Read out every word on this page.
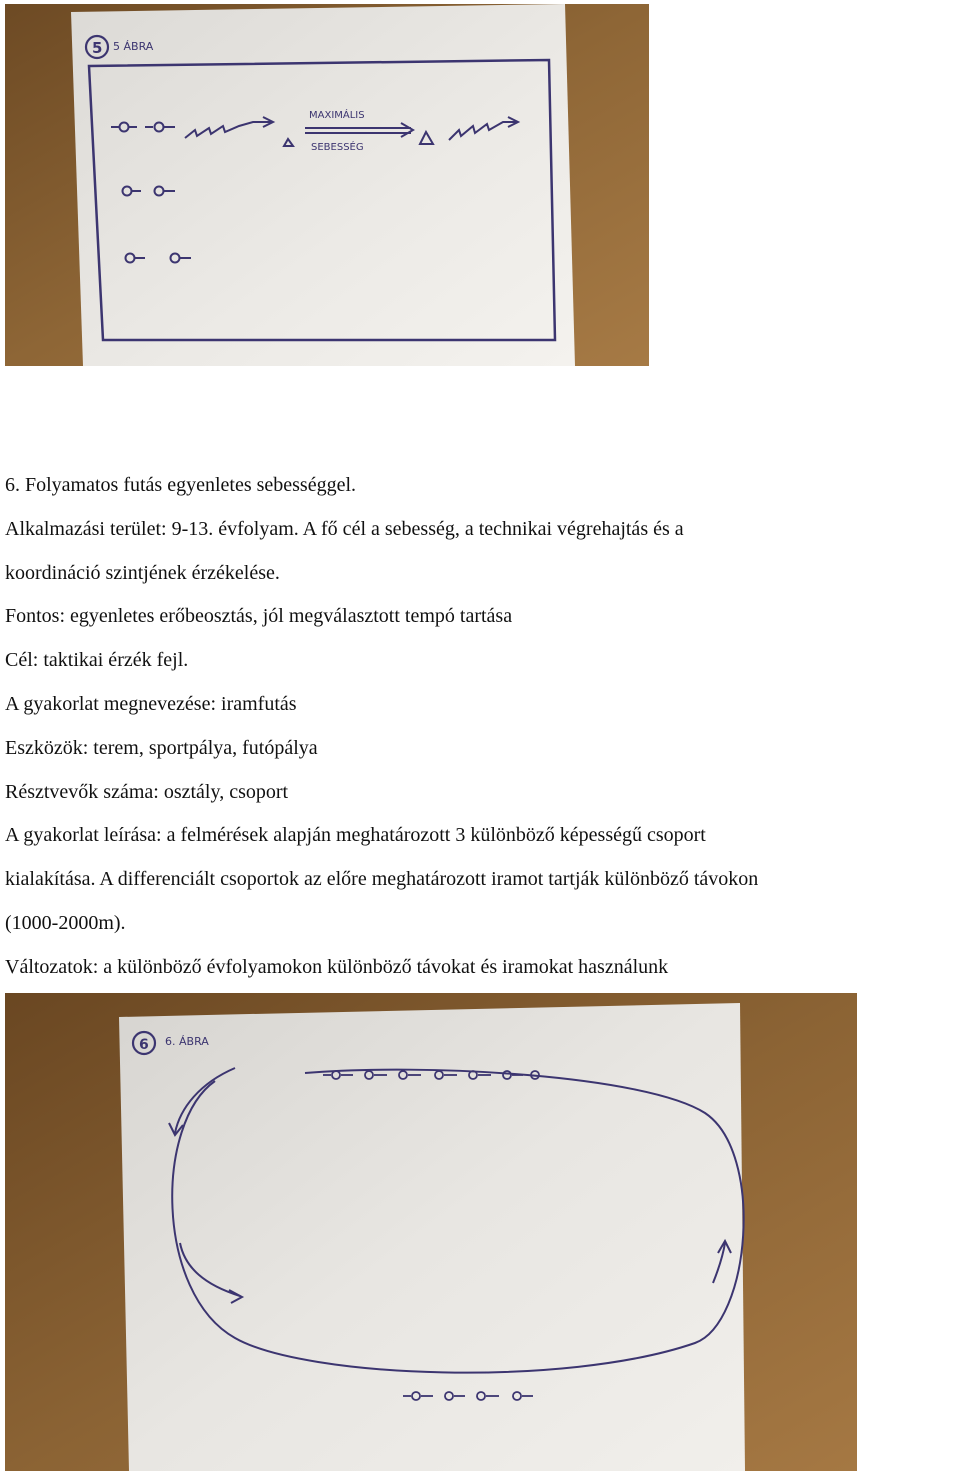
5 5 ÁBRA
MAXIMÁLIS
SEBESSÉG

6. Folyamatos futás egyenletes sebességgel.

Alkalmazási terület: 9-13. évfolyam. A fő cél a sebesség, a technikai végrehajtás és a

koordináció szintjének érzékelése.

Fontos: egyenletes erőbeosztás, jól megválasztott tempó tartása

Cél: taktikai érzék fejl.

A gyakorlat megnevezése: iramfutás

Eszközök: terem, sportpálya, futópálya

Résztvevők száma: osztály, csoport

A gyakorlat leírása: a felmérések alapján meghatározott 3 különböző képességű csoport

kialakítása. A differenciált csoportok az előre meghatározott iramot tartják különböző távokon

(1000-2000m).

Változatok: a különböző évfolyamokon különböző távokat és iramokat használunk

6 6. ÁBRA
